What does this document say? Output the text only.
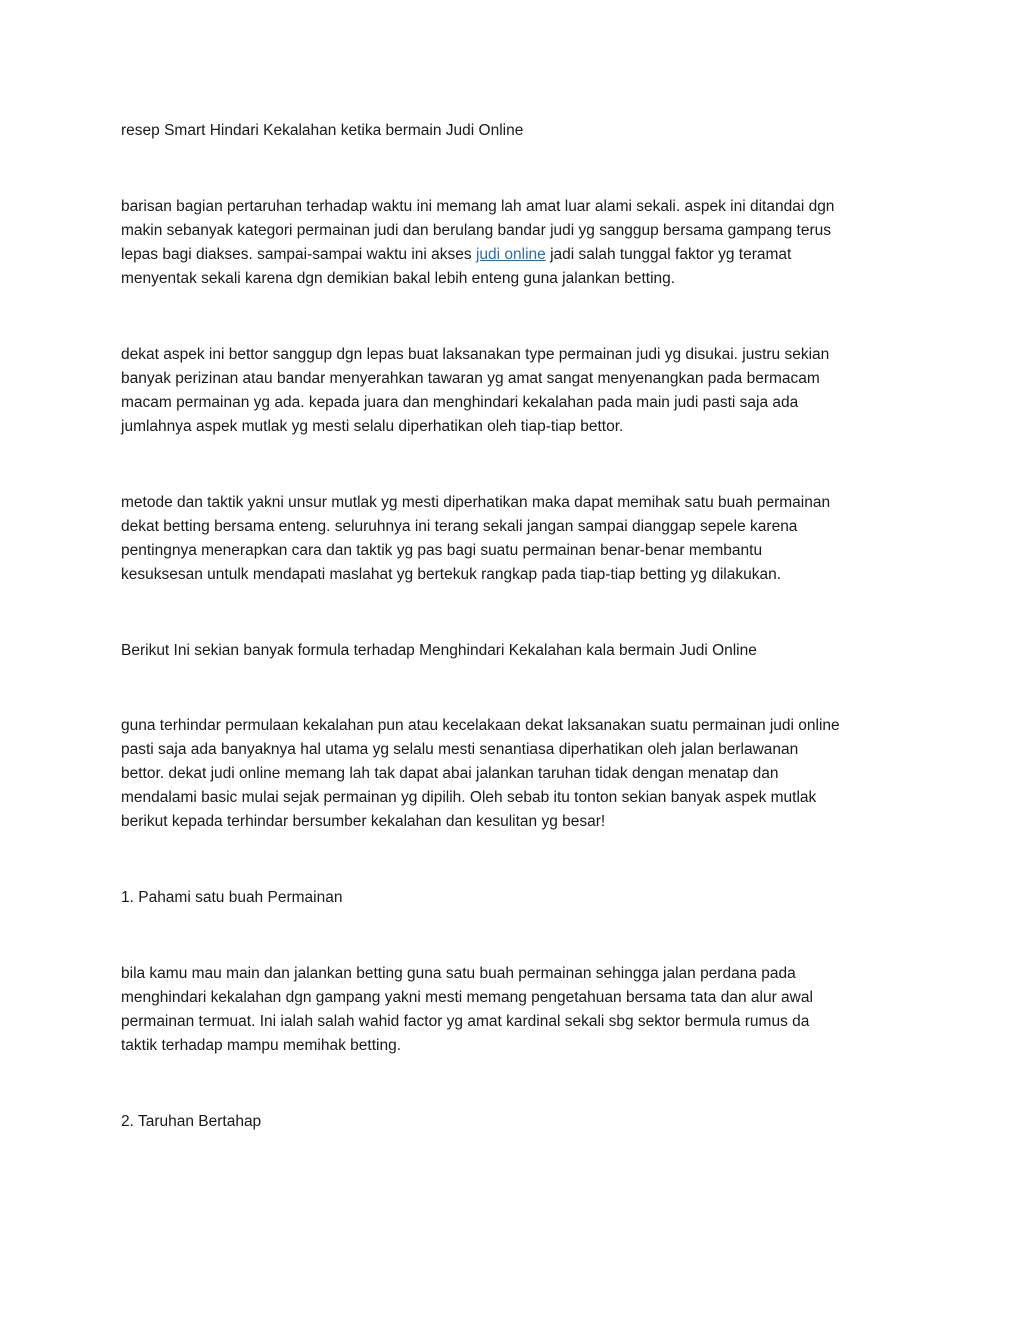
resep Smart Hindari Kekalahan ketika bermain Judi Online

barisan bagian pertaruhan terhadap waktu ini memang lah amat luar alami sekali. aspek ini ditandai dgn
makin sebanyak kategori permainan judi dan berulang bandar judi yg sanggup bersama gampang terus
lepas bagi diakses. sampai-sampai waktu ini akses judi online jadi salah tunggal faktor yg teramat
menyentak sekali karena dgn demikian bakal lebih enteng guna jalankan betting.

dekat aspek ini bettor sanggup dgn lepas buat laksanakan type permainan judi yg disukai. justru sekian
banyak perizinan atau bandar menyerahkan tawaran yg amat sangat menyenangkan pada bermacam
macam permainan yg ada. kepada juara dan menghindari kekalahan pada main judi pasti saja ada
jumlahnya aspek mutlak yg mesti selalu diperhatikan oleh tiap-tiap bettor.

metode dan taktik yakni unsur mutlak yg mesti diperhatikan maka dapat memihak satu buah permainan
dekat betting bersama enteng. seluruhnya ini terang sekali jangan sampai dianggap sepele karena
pentingnya menerapkan cara dan taktik yg pas bagi suatu permainan benar-benar membantu
kesuksesan untulk mendapati maslahat yg bertekuk rangkap pada tiap-tiap betting yg dilakukan.

Berikut Ini sekian banyak formula terhadap Menghindari Kekalahan kala bermain Judi Online

guna terhindar permulaan kekalahan pun atau kecelakaan dekat laksanakan suatu permainan judi online
pasti saja ada banyaknya hal utama yg selalu mesti senantiasa diperhatikan oleh jalan berlawanan
bettor. dekat judi online memang lah tak dapat abai jalankan taruhan tidak dengan menatap dan
mendalami basic mulai sejak permainan yg dipilih. Oleh sebab itu tonton sekian banyak aspek mutlak
berikut kepada terhindar bersumber kekalahan dan kesulitan yg besar!

1. Pahami satu buah Permainan

bila kamu mau main dan jalankan betting guna satu buah permainan sehingga jalan perdana pada
menghindari kekalahan dgn gampang yakni mesti memang pengetahuan bersama tata dan alur awal
permainan termuat. Ini ialah salah wahid factor yg amat kardinal sekali sbg sektor bermula rumus da
taktik terhadap mampu memihak betting.

2. Taruhan Bertahap
